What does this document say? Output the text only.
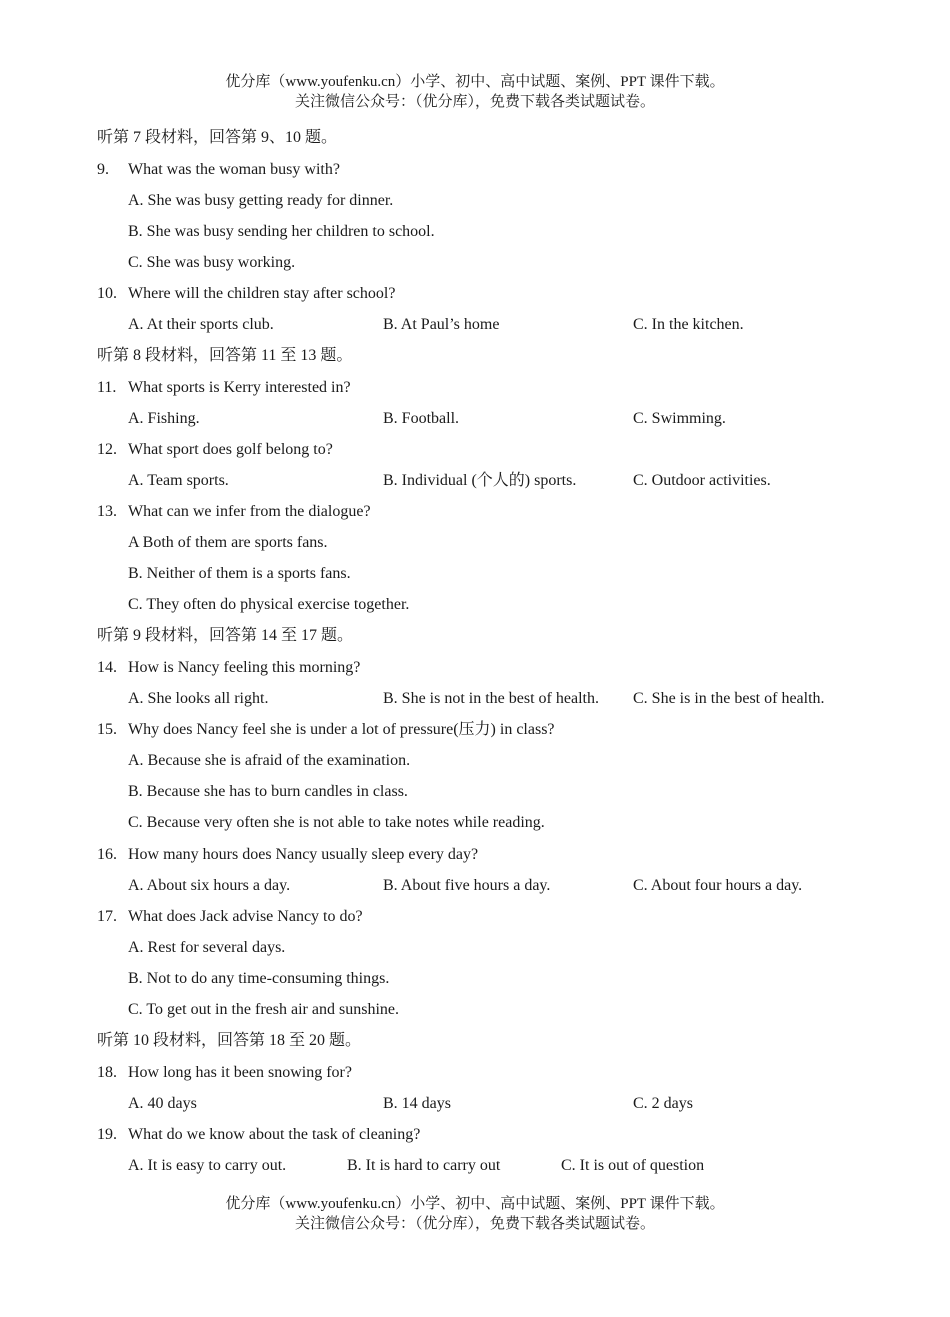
优分库（www.youfenku.cn）小学、初中、高中试题、案例、PPT 课件下载。
关注微信公众号：（优分库），免费下载各类试题试卷。
听第 7 段材料，回答第 9、10 题。
9. What was the woman busy with?
A. She was busy getting ready for dinner.
B. She was busy sending her children to school.
C. She was busy working.
10. Where will the children stay after school?
A. At their sports club.	B. At Paul’s home	C. In the kitchen.
听第 8 段材料，回答第 11 至 13 题。
11. What sports is Kerry interested in?
A. Fishing.	B. Football.	C. Swimming.
12. What sport does golf belong to?
A. Team sports.	B. Individual (个人的) sports.	C. Outdoor activities.
13. What can we infer from the dialogue?
A Both of them are sports fans.
B. Neither of them is a sports fans.
C. They often do physical exercise together.
听第 9 段材料，回答第 14 至 17 题。
14. How is Nancy feeling this morning?
A. She looks all right.	B. She is not in the best of health. C. She is in the best of health.
15. Why does Nancy feel she is under a lot of pressure(压力) in class?
A. Because she is afraid of the examination.
B. Because she has to burn candles in class.
C. Because very often she is not able to take notes while reading.
16. How many hours does Nancy usually sleep every day?
A. About six hours a day.	B. About five hours a day.	C. About four hours a day.
17. What does Jack advise Nancy to do?
A. Rest for several days.
B. Not to do any time-consuming things.
C. To get out in the fresh air and sunshine.
听第 10 段材料，回答第 18 至 20 题。
18. How long has it been snowing for?
A. 40 days	B. 14 days	C. 2 days
19. What do we know about the task of cleaning?
A. It is easy to carry out.	B. It is hard to carry out	C. It is out of question
优分库（www.youfenku.cn）小学、初中、高中试题、案例、PPT 课件下载。
关注微信公众号：（优分库），免费下载各类试题试卷。
